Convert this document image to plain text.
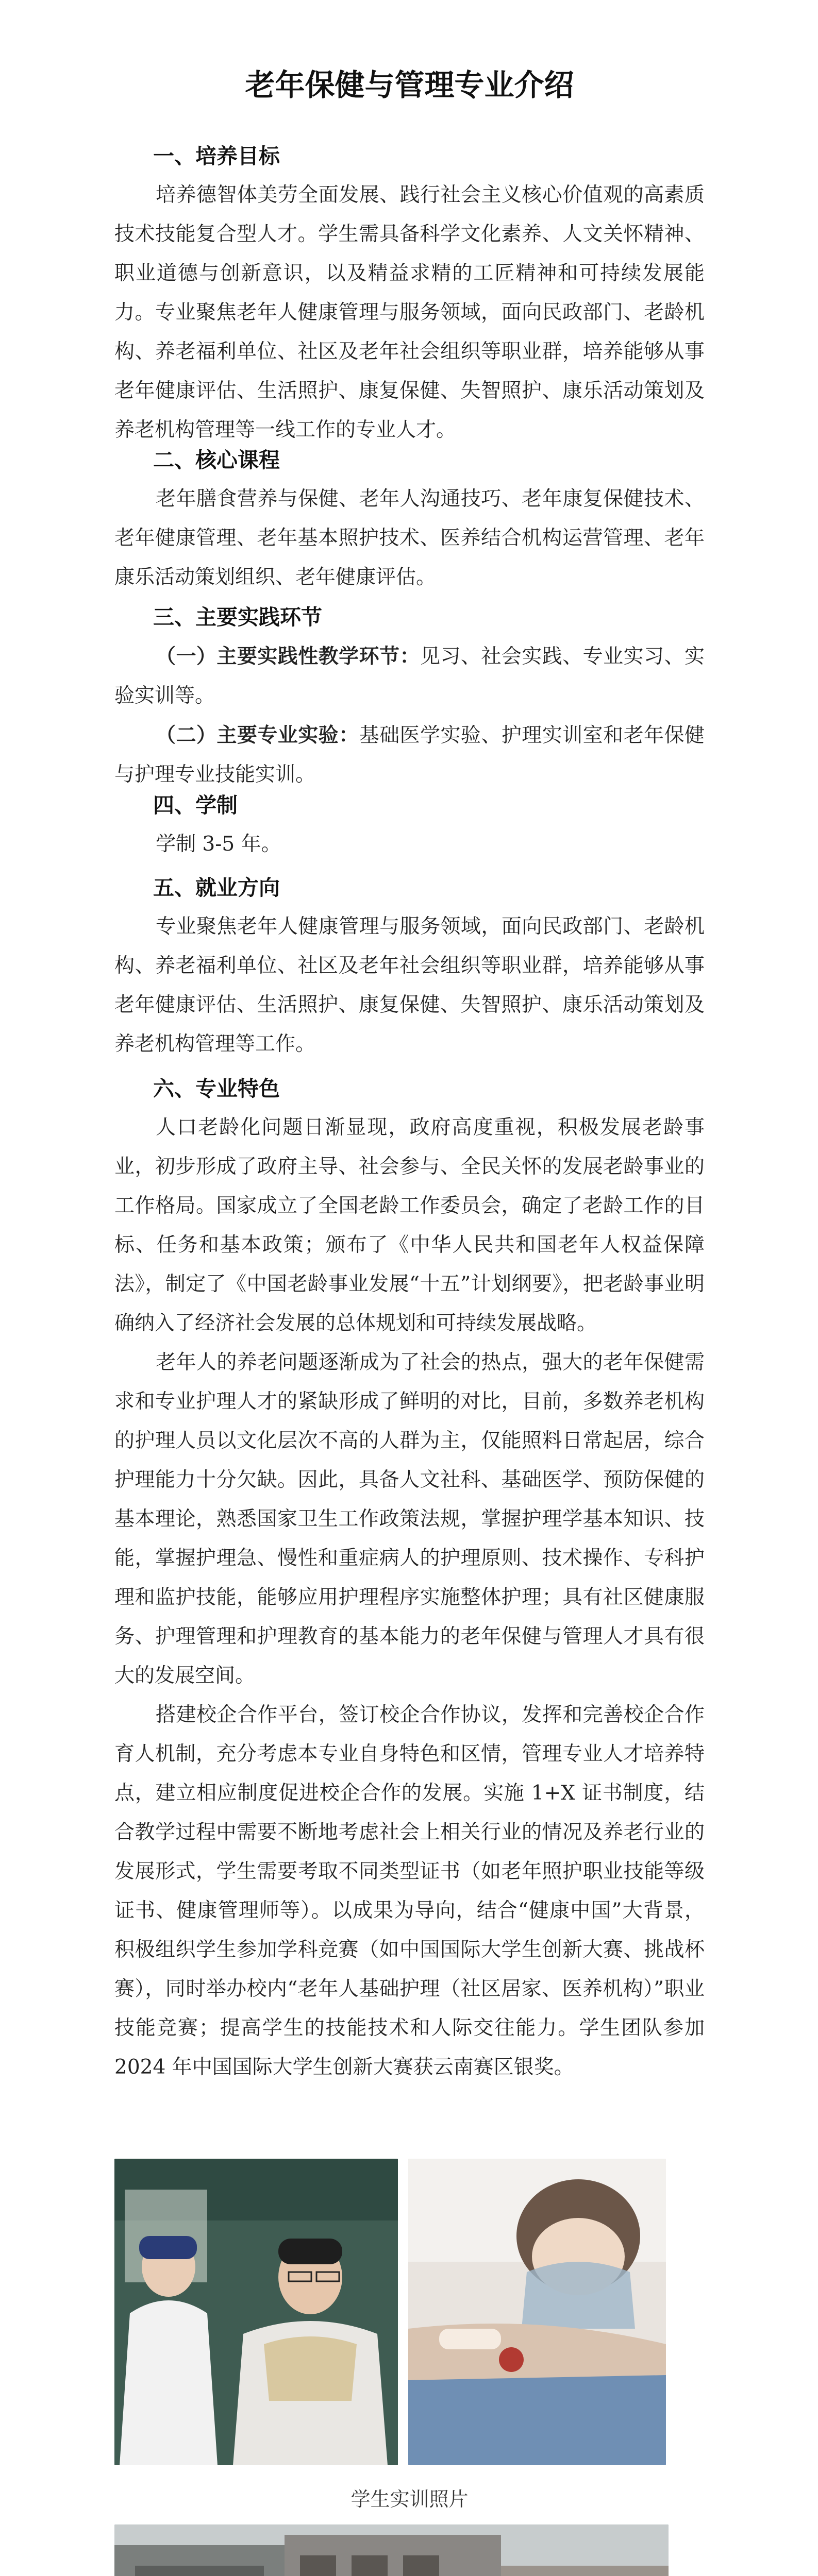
老年保健与管理专业介绍
一、培养目标

培养德智体美劳全面发展、践行社会主义核心价值观的高素质技术技能复合型人才。学生需具备科学文化素养、人文关怀精神、职业道德与创新意识，以及精益求精的工匠精神和可持续发展能力。专业聚焦老年人健康管理与服务领域，面向民政部门、老龄机构、养老福利单位、社区及老年社会组织等职业群，培养能够从事老年健康评估、生活照护、康复保健、失智照护、康乐活动策划及养老机构管理等一线工作的专业人才。

二、核心课程

老年膳食营养与保健、老年人沟通技巧、老年康复保健技术、老年健康管理、老年基本照护技术、医养结合机构运营管理、老年康乐活动策划组织、老年健康评估。

三、主要实践环节

（一）主要实践性教学环节：见习、社会实践、专业实习、实验实训等。

（二）主要专业实验：基础医学实验、护理实训室和老年保健与护理专业技能实训。

四、学制

学制 3-5 年。

五、就业方向

专业聚焦老年人健康管理与服务领域，面向民政部门、老龄机构、养老福利单位、社区及老年社会组织等职业群，培养能够从事老年健康评估、生活照护、康复保健、失智照护、康乐活动策划及养老机构管理等工作。

六、专业特色

人口老龄化问题日渐显现，政府高度重视，积极发展老龄事业，初步形成了政府主导、社会参与、全民关怀的发展老龄事业的工作格局。国家成立了全国老龄工作委员会，确定了老龄工作的目标、任务和基本政策；颁布了《中华人民共和国老年人权益保障法》，制定了《中国老龄事业发展“十五”计划纲要》，把老龄事业明确纳入了经济社会发展的总体规划和可持续发展战略。

老年人的养老问题逐渐成为了社会的热点，强大的老年保健需求和专业护理人才的紧缺形成了鲜明的对比，目前，多数养老机构的护理人员以文化层次不高的人群为主，仅能照料日常起居，综合护理能力十分欠缺。因此，具备人文社科、基础医学、预防保健的基本理论，熟悉国家卫生工作政策法规，掌握护理学基本知识、技能，掌握护理急、慢性和重症病人的护理原则、技术操作、专科护理和监护技能，能够应用护理程序实施整体护理；具有社区健康服务、护理管理和护理教育的基本能力的老年保健与管理人才具有很大的发展空间。

搭建校企合作平台，签订校企合作协议，发挥和完善校企合作育人机制，充分考虑本专业自身特色和区情，管理专业人才培养特点，建立相应制度促进校企合作的发展。实施 1+X 证书制度，结合教学过程中需要不断地考虑社会上相关行业的情况及养老行业的发展形式，学生需要考取不同类型证书（如老年照护职业技能等级证书、健康管理师等）。以成果为导向，结合“健康中国”大背景，积极组织学生参加学科竞赛（如中国国际大学生创新大赛、挑战杯赛），同时举办校内“老年人基础护理（社区居家、医养机构）”职业技能竞赛；提高学生的技能技术和人际交往能力。学生团队参加 2024 年中国国际大学生创新大赛获云南赛区银奖。

学生实训照片
